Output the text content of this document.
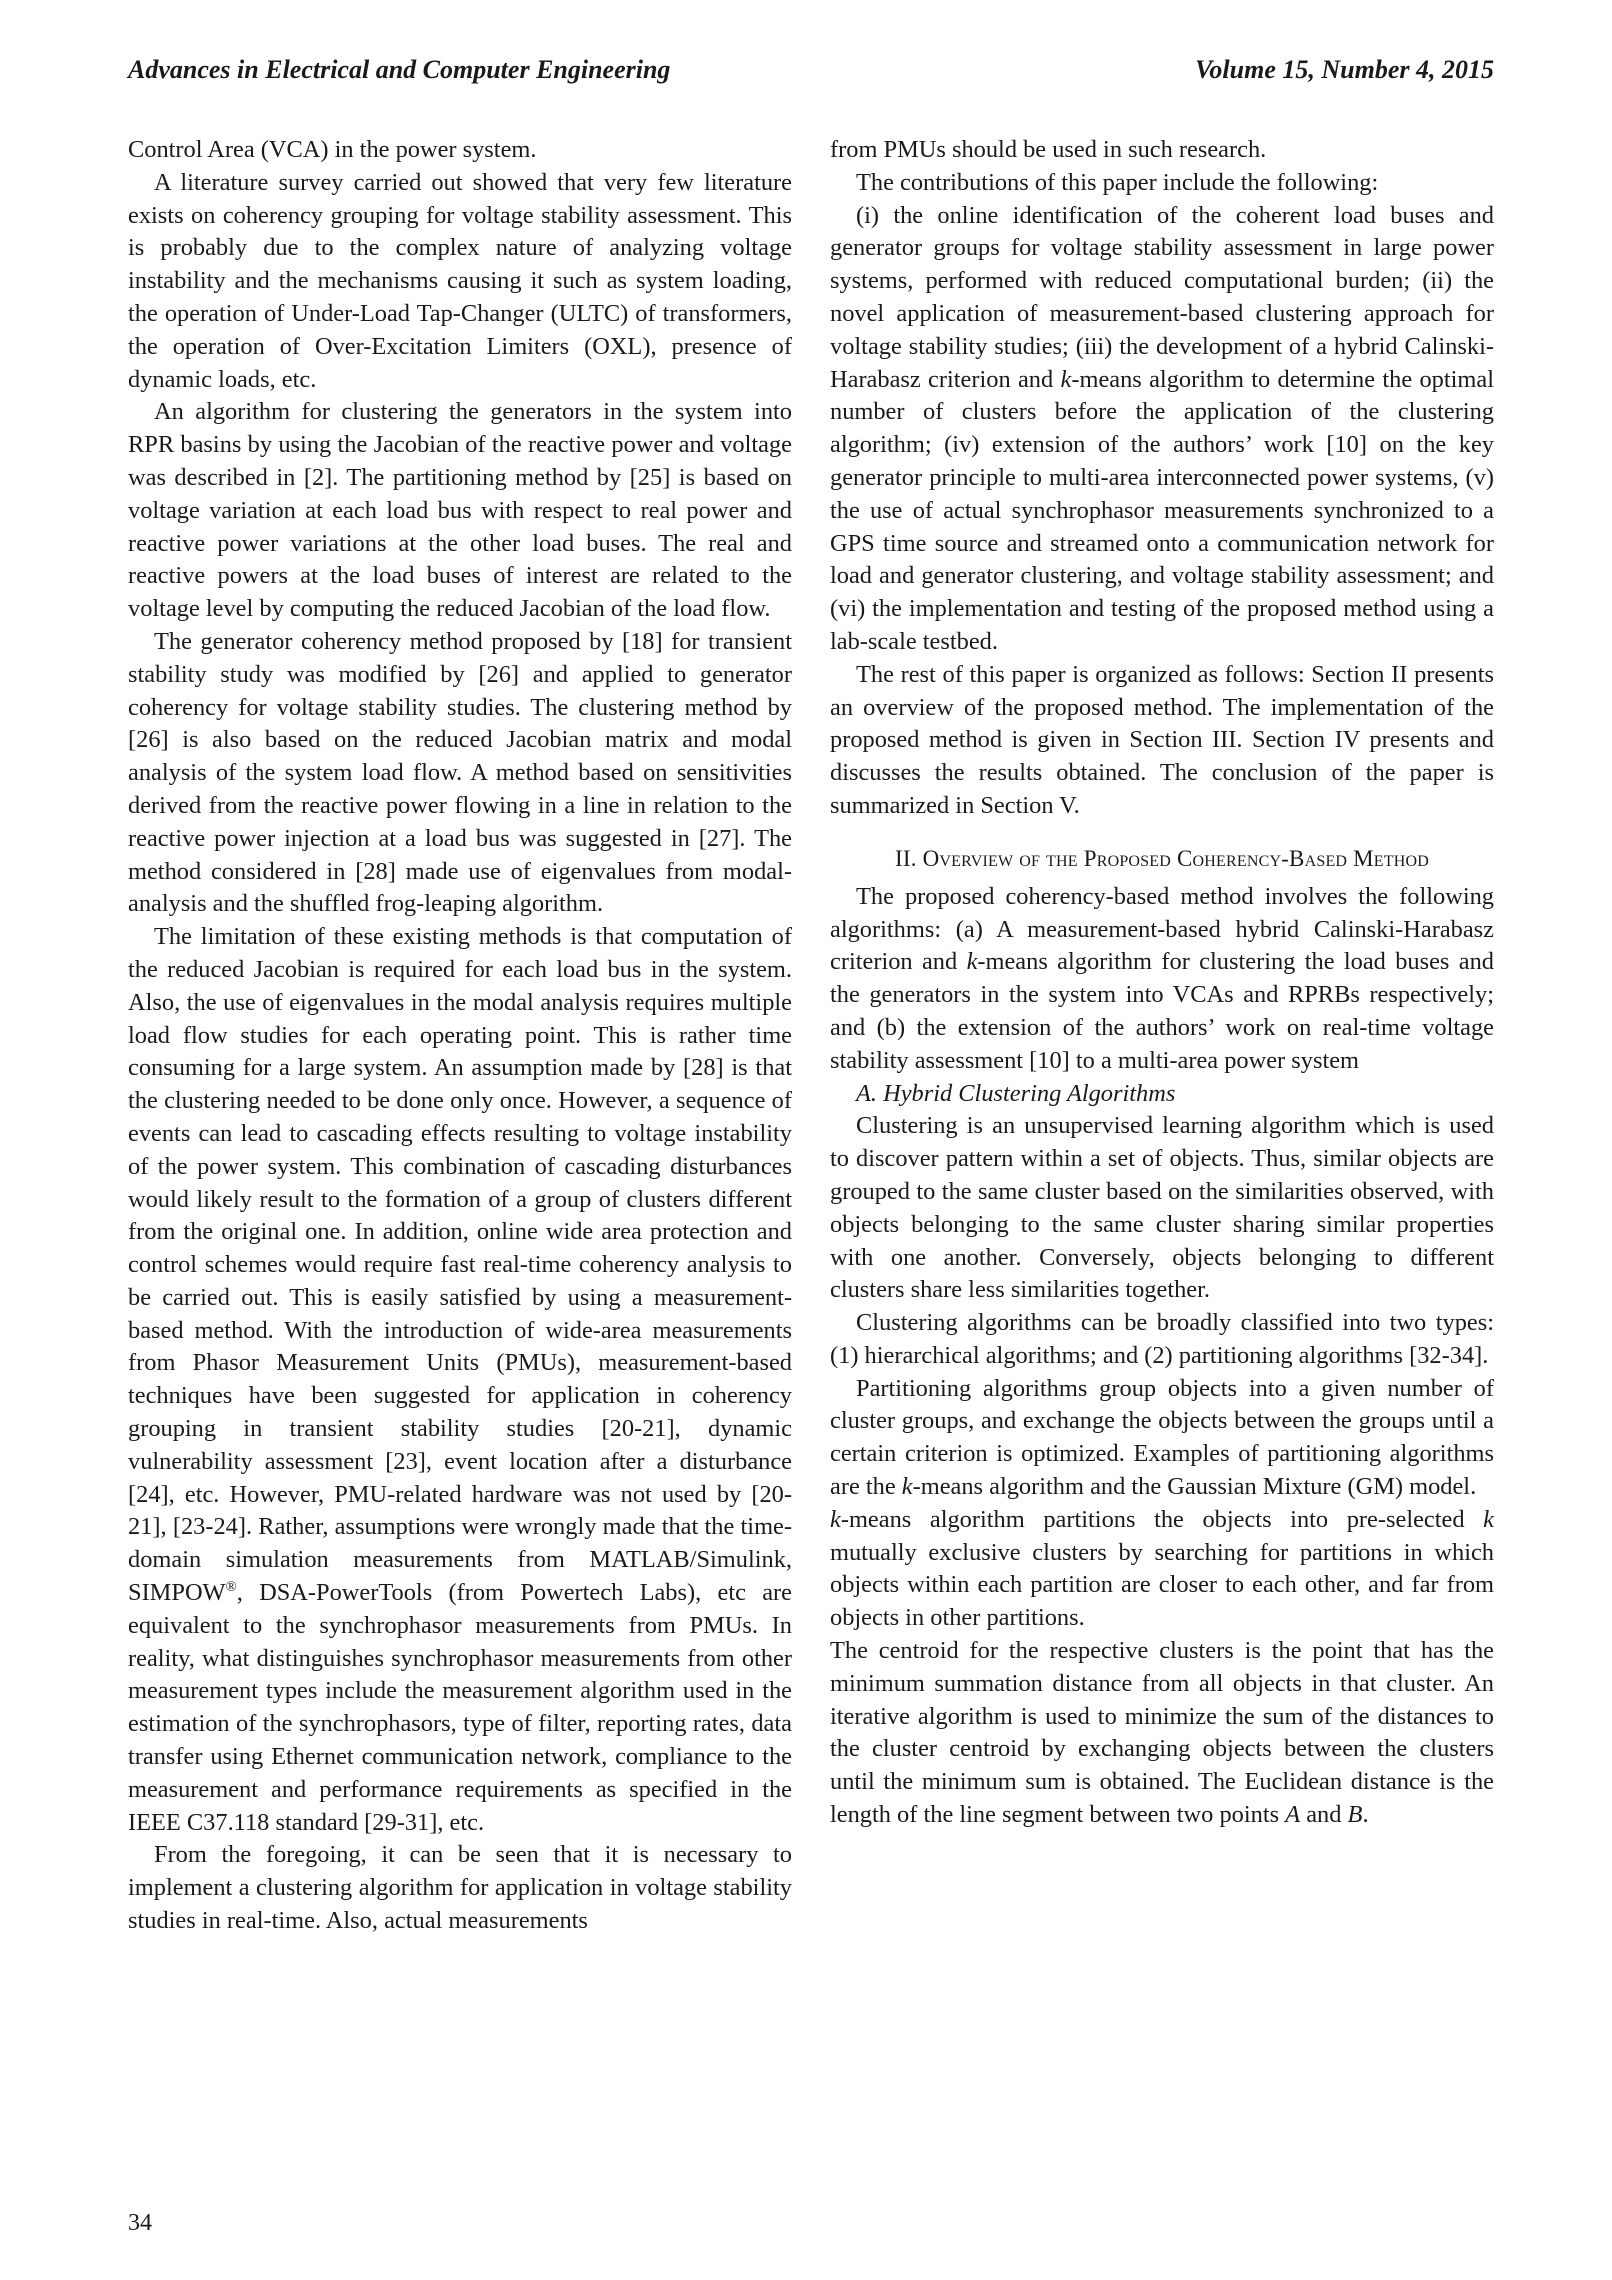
Advances in Electrical and Computer Engineering	Volume 15, Number 4, 2015

Control Area (VCA) in the power system.

A literature survey carried out showed that very few literature exists on coherency grouping for voltage stability assessment. This is probably due to the complex nature of analyzing voltage instability and the mechanisms causing it such as system loading, the operation of Under-Load Tap-Changer (ULTC) of transformers, the operation of Over-Excitation Limiters (OXL), presence of dynamic loads, etc.

An algorithm for clustering the generators in the system into RPR basins by using the Jacobian of the reactive power and voltage was described in [2]. The partitioning method by [25] is based on voltage variation at each load bus with respect to real power and reactive power variations at the other load buses. The real and reactive powers at the load buses of interest are related to the voltage level by computing the reduced Jacobian of the load flow.

The generator coherency method proposed by [18] for transient stability study was modified by [26] and applied to generator coherency for voltage stability studies. The clustering method by [26] is also based on the reduced Jacobian matrix and modal analysis of the system load flow. A method based on sensitivities derived from the reactive power flowing in a line in relation to the reactive power injection at a load bus was suggested in [27]. The method considered in [28] made use of eigenvalues from modal-analysis and the shuffled frog-leaping algorithm.

The limitation of these existing methods is that computation of the reduced Jacobian is required for each load bus in the system. Also, the use of eigenvalues in the modal analysis requires multiple load flow studies for each operating point. This is rather time consuming for a large system. An assumption made by [28] is that the clustering needed to be done only once. However, a sequence of events can lead to cascading effects resulting to voltage instability of the power system. This combination of cascading disturbances would likely result to the formation of a group of clusters different from the original one. In addition, online wide area protection and control schemes would require fast real-time coherency analysis to be carried out. This is easily satisfied by using a measurement-based method. With the introduction of wide-area measurements from Phasor Measurement Units (PMUs), measurement-based techniques have been suggested for application in coherency grouping in transient stability studies [20-21], dynamic vulnerability assessment [23], event location after a disturbance [24], etc. However, PMU-related hardware was not used by [20-21], [23-24]. Rather, assumptions were wrongly made that the time-domain simulation measurements from MATLAB/Simulink, SIMPOW®, DSA-PowerTools (from Powertech Labs), etc are equivalent to the synchrophasor measurements from PMUs. In reality, what distinguishes synchrophasor measurements from other measurement types include the measurement algorithm used in the estimation of the synchrophasors, type of filter, reporting rates, data transfer using Ethernet communication network, compliance to the measurement and performance requirements as specified in the IEEE C37.118 standard [29-31], etc.

From the foregoing, it can be seen that it is necessary to implement a clustering algorithm for application in voltage stability studies in real-time. Also, actual measurements

from PMUs should be used in such research.

The contributions of this paper include the following:

(i) the online identification of the coherent load buses and generator groups for voltage stability assessment in large power systems, performed with reduced computational burden; (ii) the novel application of measurement-based clustering approach for voltage stability studies; (iii) the development of a hybrid Calinski-Harabasz criterion and k-means algorithm to determine the optimal number of clusters before the application of the clustering algorithm; (iv) extension of the authors’ work [10] on the key generator principle to multi-area interconnected power systems, (v) the use of actual synchrophasor measurements synchronized to a GPS time source and streamed onto a communication network for load and generator clustering, and voltage stability assessment; and (vi) the implementation and testing of the proposed method using a lab-scale testbed.

The rest of this paper is organized as follows: Section II presents an overview of the proposed method. The implementation of the proposed method is given in Section III. Section IV presents and discusses the results obtained. The conclusion of the paper is summarized in Section V.

II. Overview of the Proposed Coherency-Based Method

The proposed coherency-based method involves the following algorithms: (a) A measurement-based hybrid Calinski-Harabasz criterion and k-means algorithm for clustering the load buses and the generators in the system into VCAs and RPRBs respectively; and (b) the extension of the authors’ work on real-time voltage stability assessment [10] to a multi-area power system

A. Hybrid Clustering Algorithms

Clustering is an unsupervised learning algorithm which is used to discover pattern within a set of objects. Thus, similar objects are grouped to the same cluster based on the similarities observed, with objects belonging to the same cluster sharing similar properties with one another. Conversely, objects belonging to different clusters share less similarities together.

Clustering algorithms can be broadly classified into two types: (1) hierarchical algorithms; and (2) partitioning algorithms [32-34].

Partitioning algorithms group objects into a given number of cluster groups, and exchange the objects between the groups until a certain criterion is optimized. Examples of partitioning algorithms are the k-means algorithm and the Gaussian Mixture (GM) model.

k-means algorithm partitions the objects into pre-selected k mutually exclusive clusters by searching for partitions in which objects within each partition are closer to each other, and far from objects in other partitions.

The centroid for the respective clusters is the point that has the minimum summation distance from all objects in that cluster. An iterative algorithm is used to minimize the sum of the distances to the cluster centroid by exchanging objects between the clusters until the minimum sum is obtained. The Euclidean distance is the length of the line segment between two points A and B.

34
